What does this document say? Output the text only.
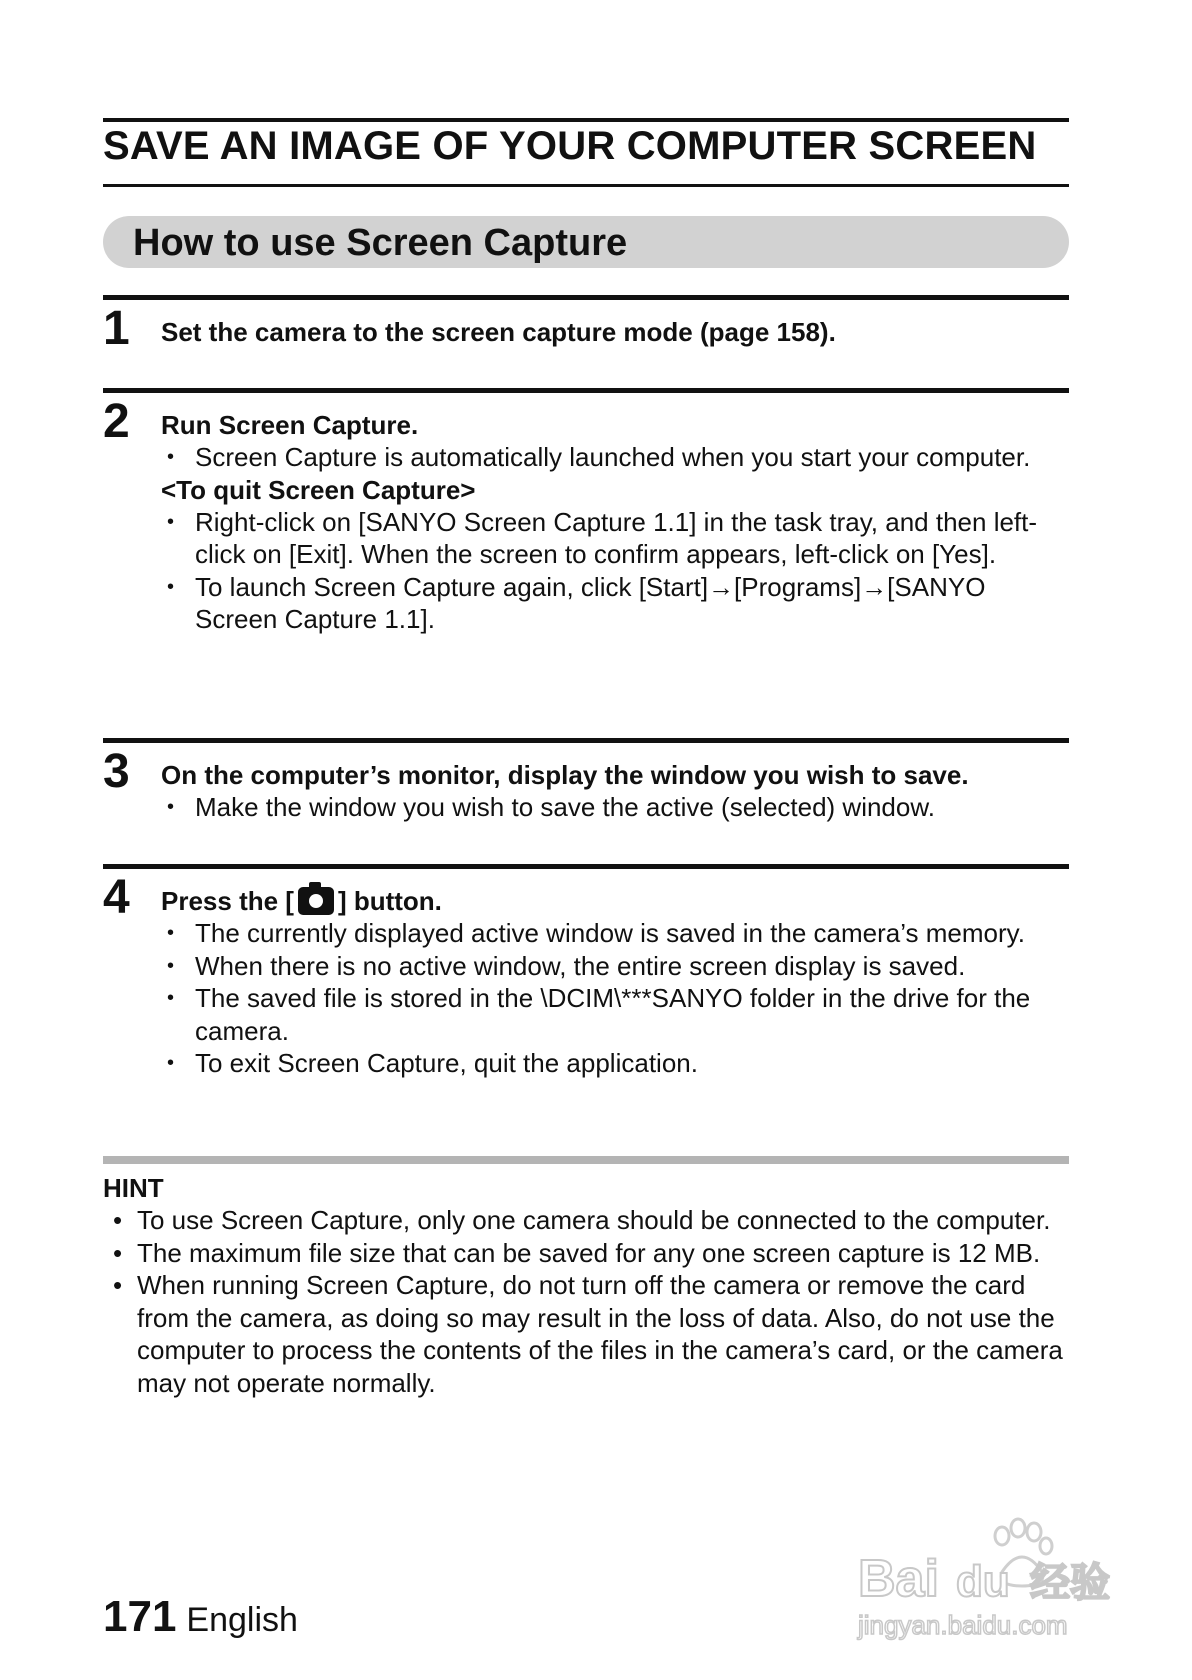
SAVE AN IMAGE OF YOUR COMPUTER SCREEN
How to use Screen Capture
1 Set the camera to the screen capture mode (page 158).
2 Run Screen Capture.
• Screen Capture is automatically launched when you start your computer.
<To quit Screen Capture>
• Right-click on [SANYO Screen Capture 1.1] in the task tray, and then left-click on [Exit]. When the screen to confirm appears, left-click on [Yes].
• To launch Screen Capture again, click [Start]→[Programs]→[SANYO Screen Capture 1.1].
3 On the computer’s monitor, display the window you wish to save.
• Make the window you wish to save the active (selected) window.
4 Press the [ ] button.
• The currently displayed active window is saved in the camera’s memory.
• When there is no active window, the entire screen display is saved.
• The saved file is stored in the \DCIM\***SANYO folder in the drive for the camera.
• To exit Screen Capture, quit the application.
HINT
• To use Screen Capture, only one camera should be connected to the computer.
• The maximum file size that can be saved for any one screen capture is 12 MB.
• When running Screen Capture, do not turn off the camera or remove the card from the camera, as doing so may result in the loss of data. Also, do not use the computer to process the contents of the files in the camera’s card, or the camera may not operate normally.
171 English
Bai du 经验
jingyan.baidu.com
